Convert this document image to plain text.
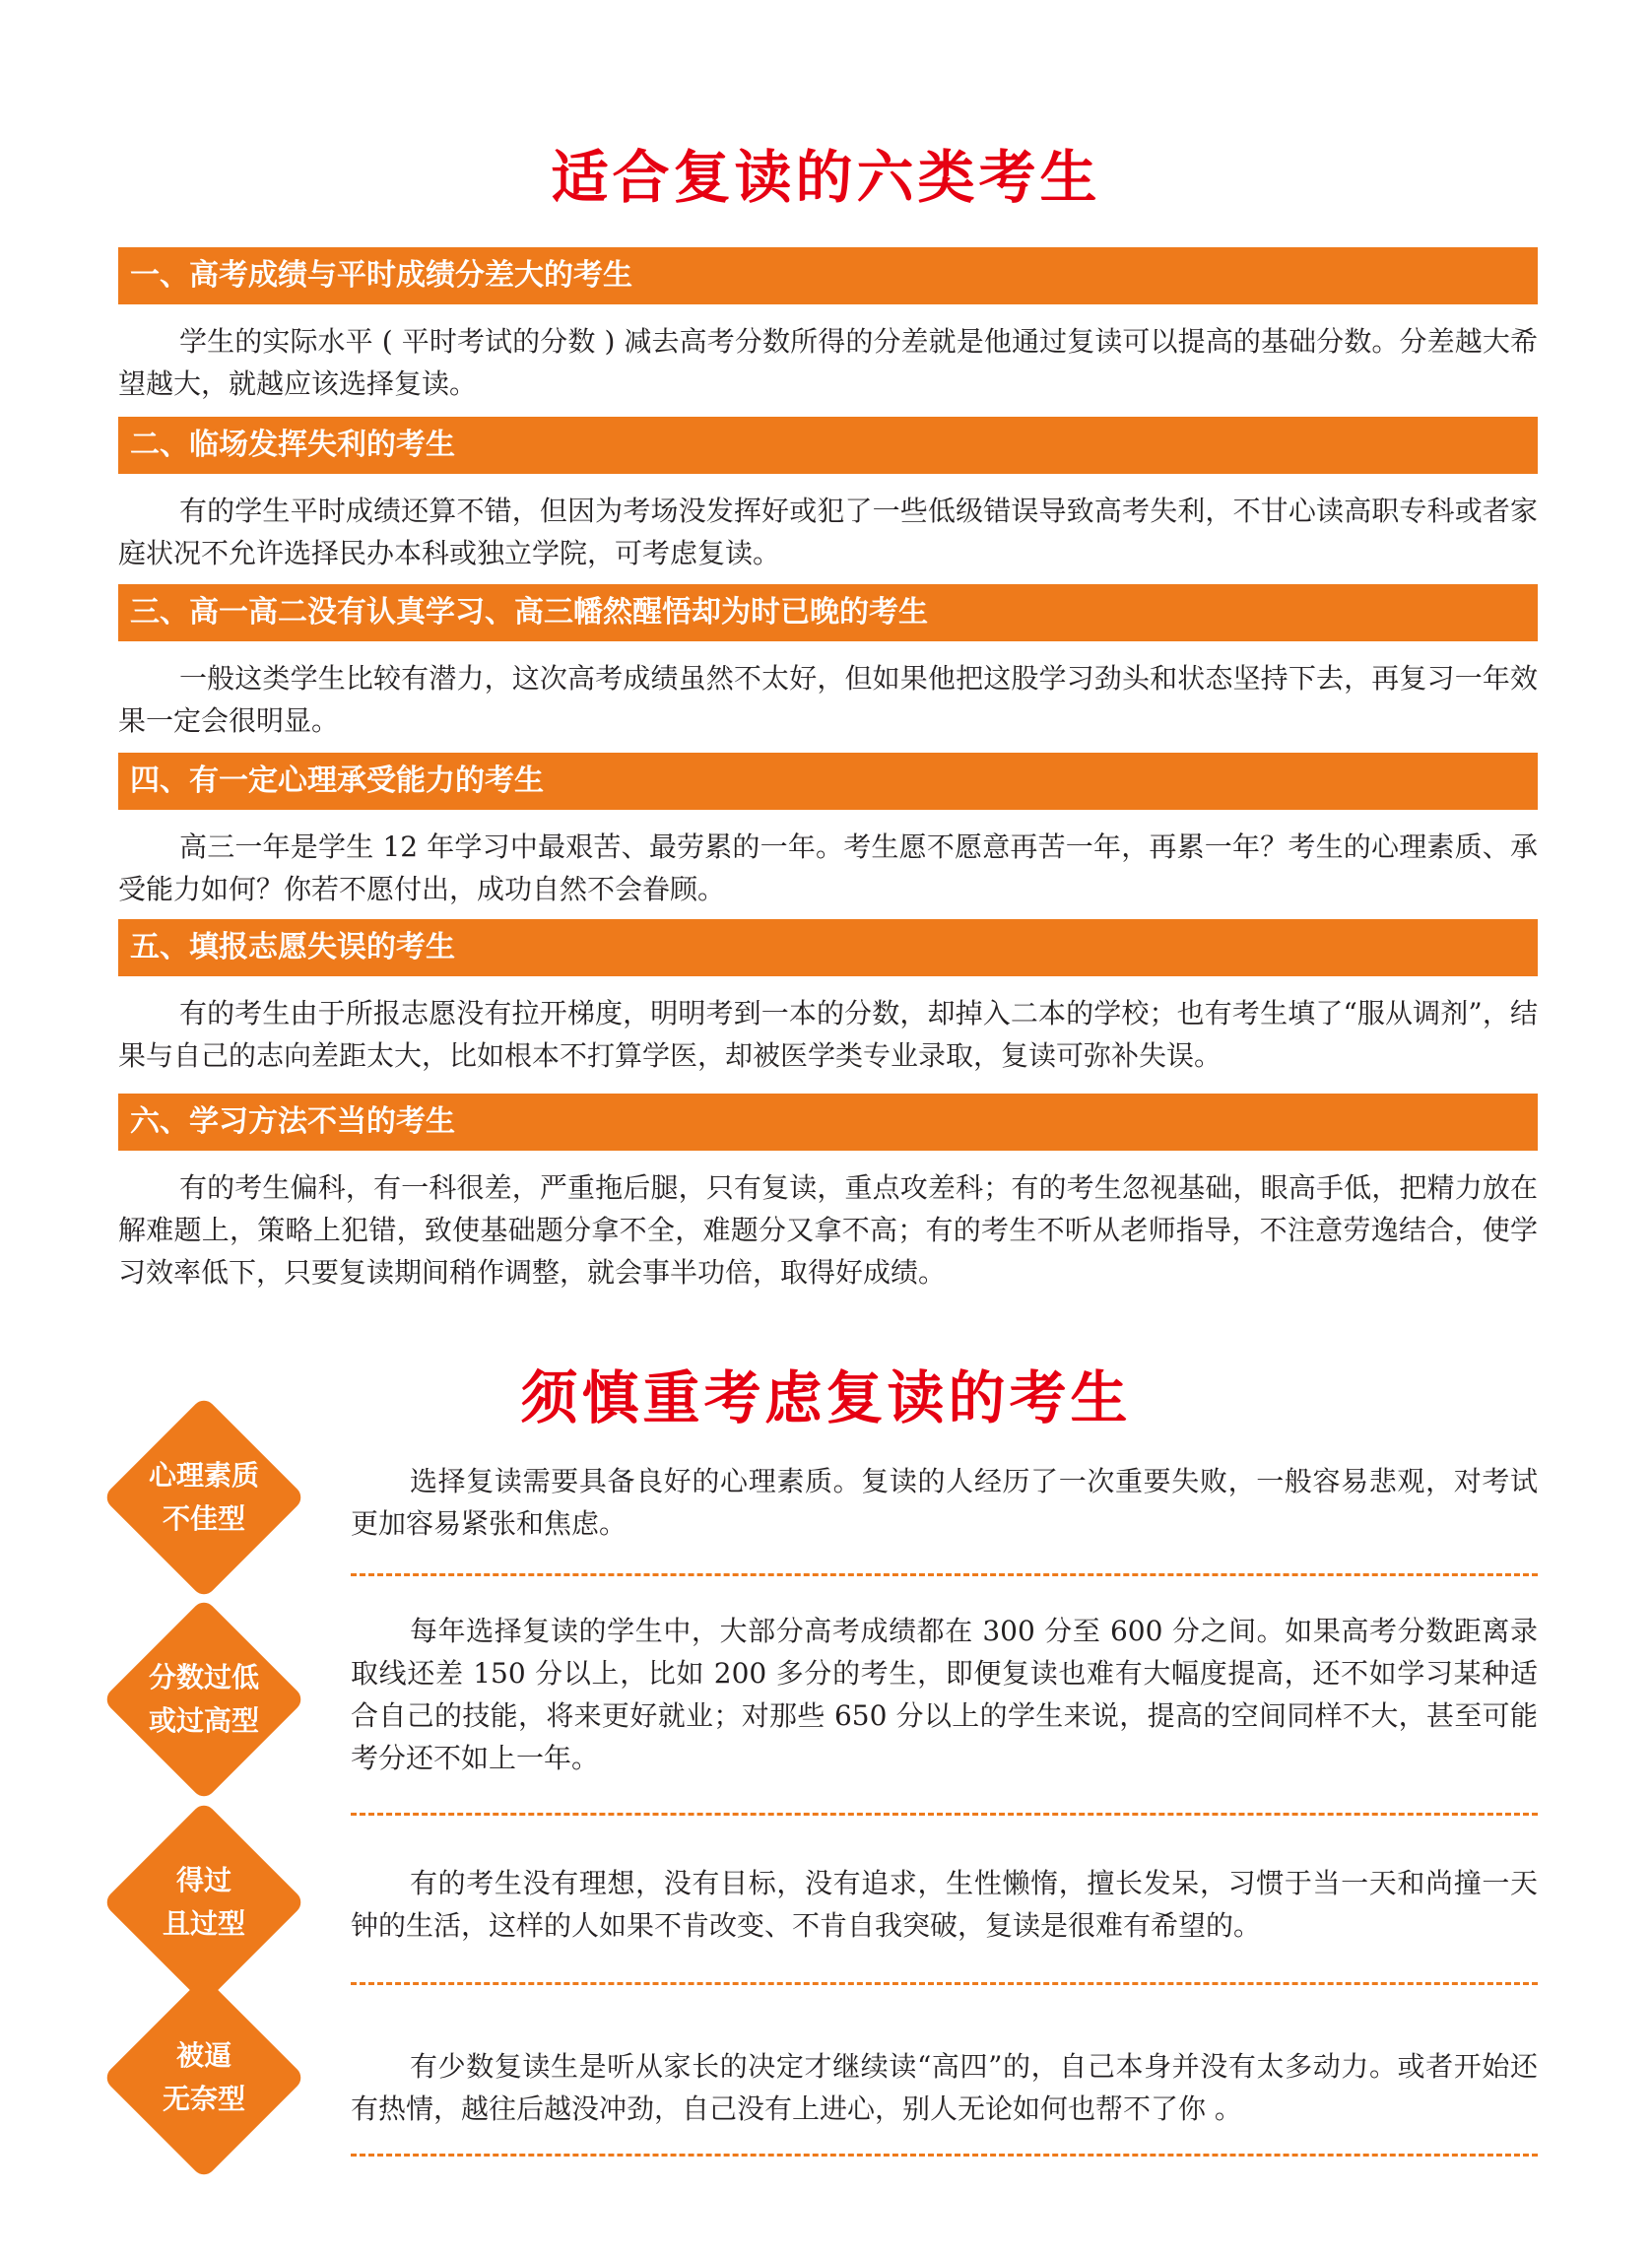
适合复读的六类考生
一、高考成绩与平时成绩分差大的考生

学生的实际水平 ( 平时考试的分数 ) 减去高考分数所得的分差就是他通过复读可以提高的基础分数。分差越大希望越大，就越应该选择复读。

二、临场发挥失利的考生

有的学生平时成绩还算不错，但因为考场没发挥好或犯了一些低级错误导致高考失利，不甘心读高职专科或者家庭状况不允许选择民办本科或独立学院，可考虑复读。

三、高一高二没有认真学习、高三幡然醒悟却为时已晚的考生

一般这类学生比较有潜力，这次高考成绩虽然不太好，但如果他把这股学习劲头和状态坚持下去，再复习一年效果一定会很明显。

四、有一定心理承受能力的考生

高三一年是学生 12 年学习中最艰苦、最劳累的一年。考生愿不愿意再苦一年，再累一年？考生的心理素质、承受能力如何？你若不愿付出，成功自然不会眷顾。

五、填报志愿失误的考生

有的考生由于所报志愿没有拉开梯度，明明考到一本的分数，却掉入二本的学校；也有考生填了“服从调剂”，结果与自己的志向差距太大，比如根本不打算学医，却被医学类专业录取，复读可弥补失误。

六、学习方法不当的考生

有的考生偏科，有一科很差，严重拖后腿，只有复读，重点攻差科；有的考生忽视基础，眼高手低，把精力放在解难题上，策略上犯错，致使基础题分拿不全，难题分又拿不高；有的考生不听从老师指导，不注意劳逸结合，使学习效率低下，只要复读期间稍作调整，就会事半功倍，取得好成绩。

须慎重考虑复读的考生
心理素质
不佳型

选择复读需要具备良好的心理素质。复读的人经历了一次重要失败，一般容易悲观，对考试更加容易紧张和焦虑。

分数过低
或过高型

每年选择复读的学生中，大部分高考成绩都在 300 分至 600 分之间。如果高考分数距离录取线还差 150 分以上，比如 200 多分的考生，即便复读也难有大幅度提高，还不如学习某种适合自己的技能，将来更好就业；对那些 650 分以上的学生来说，提高的空间同样不大，甚至可能考分还不如上一年。

得过
且过型

有的考生没有理想，没有目标，没有追求，生性懒惰，擅长发呆，习惯于当一天和尚撞一天钟的生活，这样的人如果不肯改变、不肯自我突破，复读是很难有希望的。

被逼
无奈型

有少数复读生是听从家长的决定才继续读“高四”的，自己本身并没有太多动力。或者开始还有热情，越往后越没冲劲，自己没有上进心，别人无论如何也帮不了你 。
